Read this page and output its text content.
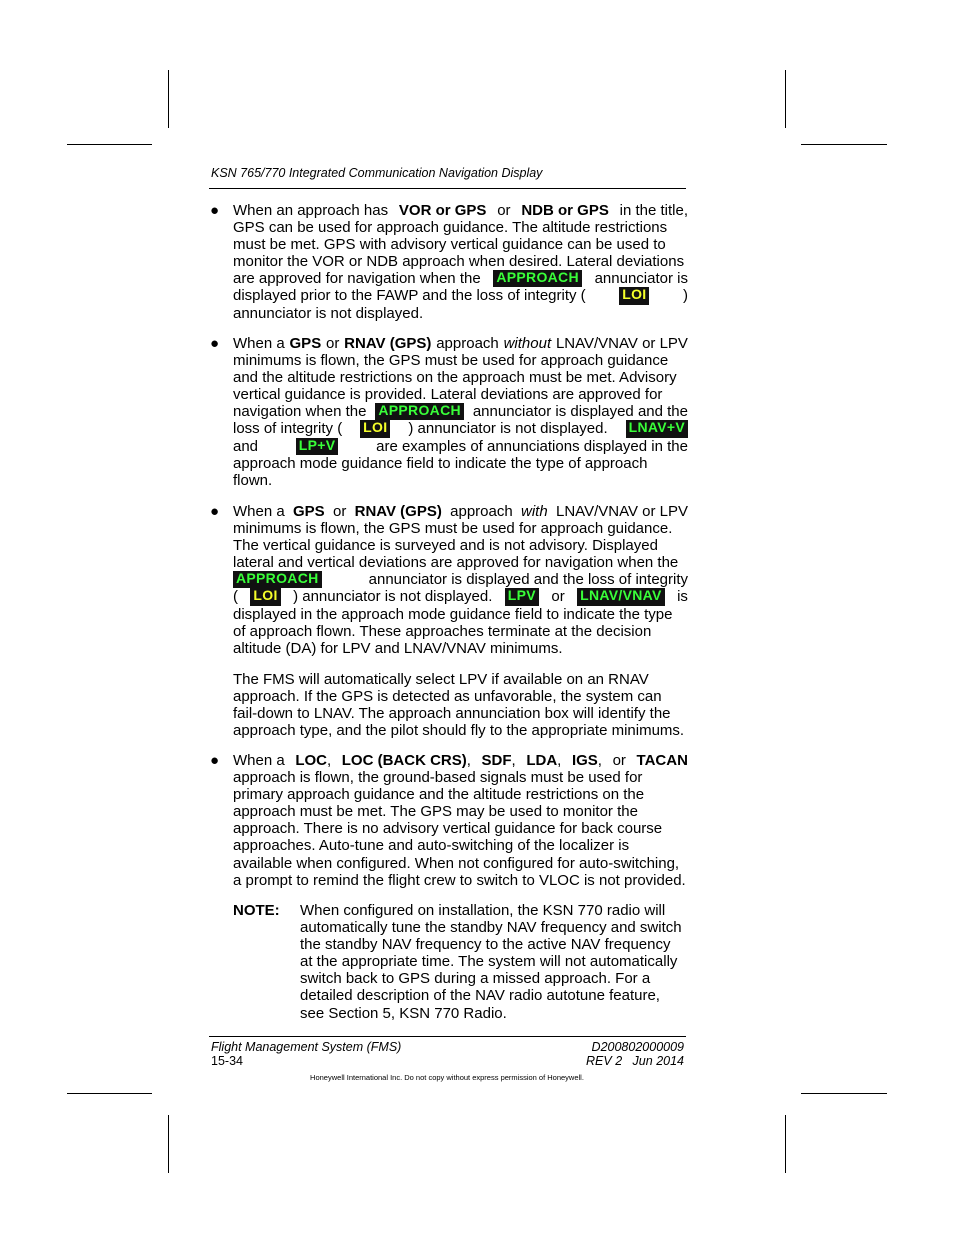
KSN 765/770 Integrated Communication Navigation Display
● When an approach has VOR or GPS or NDB or GPS in the title,
GPS can be used for approach guidance. The altitude restrictions
must be met. GPS with advisory vertical guidance can be used to
monitor the VOR or NDB approach when desired. Lateral deviations
are approved for navigation when the APPROACH annunciator is
displayed prior to the FAWP and the loss of integrity (	LOI )
annunciator is not displayed.
● When a GPS or RNAV (GPS) approach without LNAV/VNAV or LPV
minimums is flown, the GPS must be used for approach guidance
and the altitude restrictions on the approach must be met. Advisory
vertical guidance is provided. Lateral deviations are approved for
navigation when the APPROACH annunciator is displayed and the
loss of integrity ( LOI ) annunciator is not displayed. LNAV+V
and	LP+V	are examples of annunciations displayed in the
approach mode guidance field to indicate the type of approach
flown.
● When a GPS or RNAV (GPS) approach with LNAV/VNAV or LPV
minimums is flown, the GPS must be used for approach guidance.
The vertical guidance is surveyed and is not advisory. Displayed
lateral and vertical deviations are approved for navigation when the
APPROACH	annunciator is displayed and the loss of integrity
( LOI ) annunciator is not displayed. LPV or LNAV/VNAV is
displayed in the approach mode guidance field to indicate the type
of approach flown. These approaches terminate at the decision
altitude (DA) for LPV and LNAV/VNAV minimums.
The FMS will automatically select LPV if available on an RNAV
approach. If the GPS is detected as unfavorable, the system can
fail-down to LNAV. The approach annunciation box will identify the
approach type, and the pilot should fly to the appropriate minimums.
● When a LOC, LOC (BACK CRS), SDF, LDA, IGS, or TACAN
approach is flown, the ground-based signals must be used for
primary approach guidance and the altitude restrictions on the
approach must be met. The GPS may be used to monitor the
approach. There is no advisory vertical guidance for back course
approaches. Auto-tune and auto-switching of the localizer is
available when configured. When not configured for auto-switching,
a prompt to remind the flight crew to switch to VLOC is not provided.
NOTE: When configured on installation, the KSN 770 radio will
automatically tune the standby NAV frequency and switch
the standby NAV frequency to the active NAV frequency
at the appropriate time. The system will not automatically
switch back to GPS during a missed approach. For a
detailed description of the NAV radio autotune feature,
see Section 5, KSN 770 Radio.
Flight Management System (FMS)
15-34
D200802000009
REV 2   Jun 2014
Honeywell International Inc. Do not copy without express permission of Honeywell.
